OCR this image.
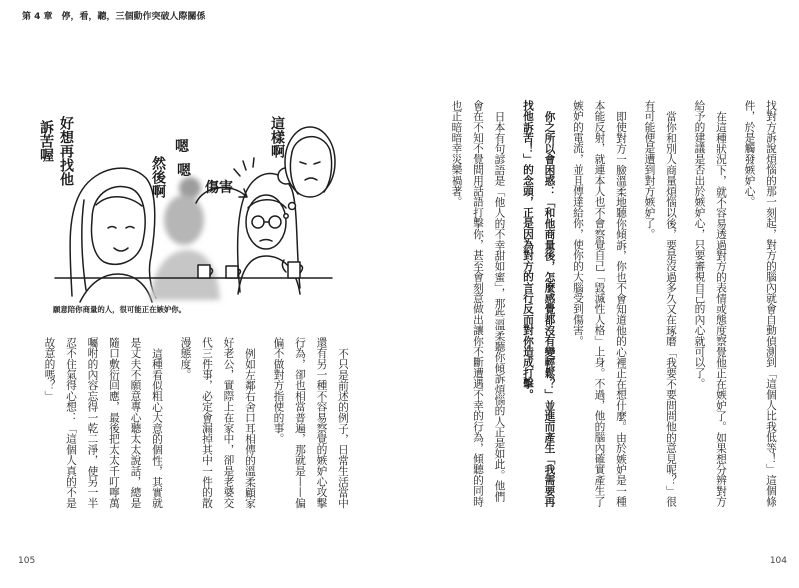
第 4 章　停，看，聽，三個動作突破人際關係
好想再找他
訴苦喔
然後啊
嗯
嗯
傷害
這樣啊
願意陪你商量的人，很可能正在嫉妒你。

不只是前述的例子，日常生活當中
還有另一種不容易察覺的嫉妒心攻擊
行為，卻也相當普遍，那就是——偏
偏不做對方指使的事。

例如左鄰右舍口耳相傳的溫柔顧家
好老公，實際上在家中，卻是老婆交
代三件事，必定會漏掉其中一件的散
漫態度。

這種看似粗心大意的個性，其實就
是丈夫不願意專心聽太太說話，總是
隨口敷衍回應，最後把太太千叮嚀萬
囑咐的內容忘得一乾二淨，使另一半
忍不住氣得心想：「這個人真的不是
故意的嗎？」

105

找對方訴說煩惱的那一刻起，對方的腦內就會自動偵測到「這個人比我低等！」這個條
件，於是觸發嫉妒心。

在這種狀況下，就不容易透過對方的表情或態度察覺他正在嫉妒了。如果想分辨對方
給予的建議是否出於嫉妒心，只要審視自己的內心就可以了。

當你和別人商量煩惱以後，要是沒過多久又在琢磨「我要不要問問他的意見呢？」很
有可能便是遭到對方嫉妒了。

即使對方一臉溫柔地聽你傾訴，你也不會知道他的心裡正在想什麼。由於嫉妒是一種
本能反射，就連本人也不會察覺自己「毀滅性人格」上身。不過，他的腦內確實產生了
嫉妒的電流，並且傳達給你，使你的大腦受到傷害。

你之所以會困惑：「和他商量後，怎麼感覺都沒有變輕鬆？」並進而產生「我需要再
找他訴苦！」的念頭，正是因為對方的言行反而對你造成打擊。

日本有句諺語是「他人的不幸甜如蜜」，那些溫柔聽你傾訴煩惱的人正是如此。他們
會在不知不覺間用話語打擊你，甚至會刻意做出讓你不斷遭遇不幸的行為，傾聽的同時
也正暗暗幸災樂禍著。

104
